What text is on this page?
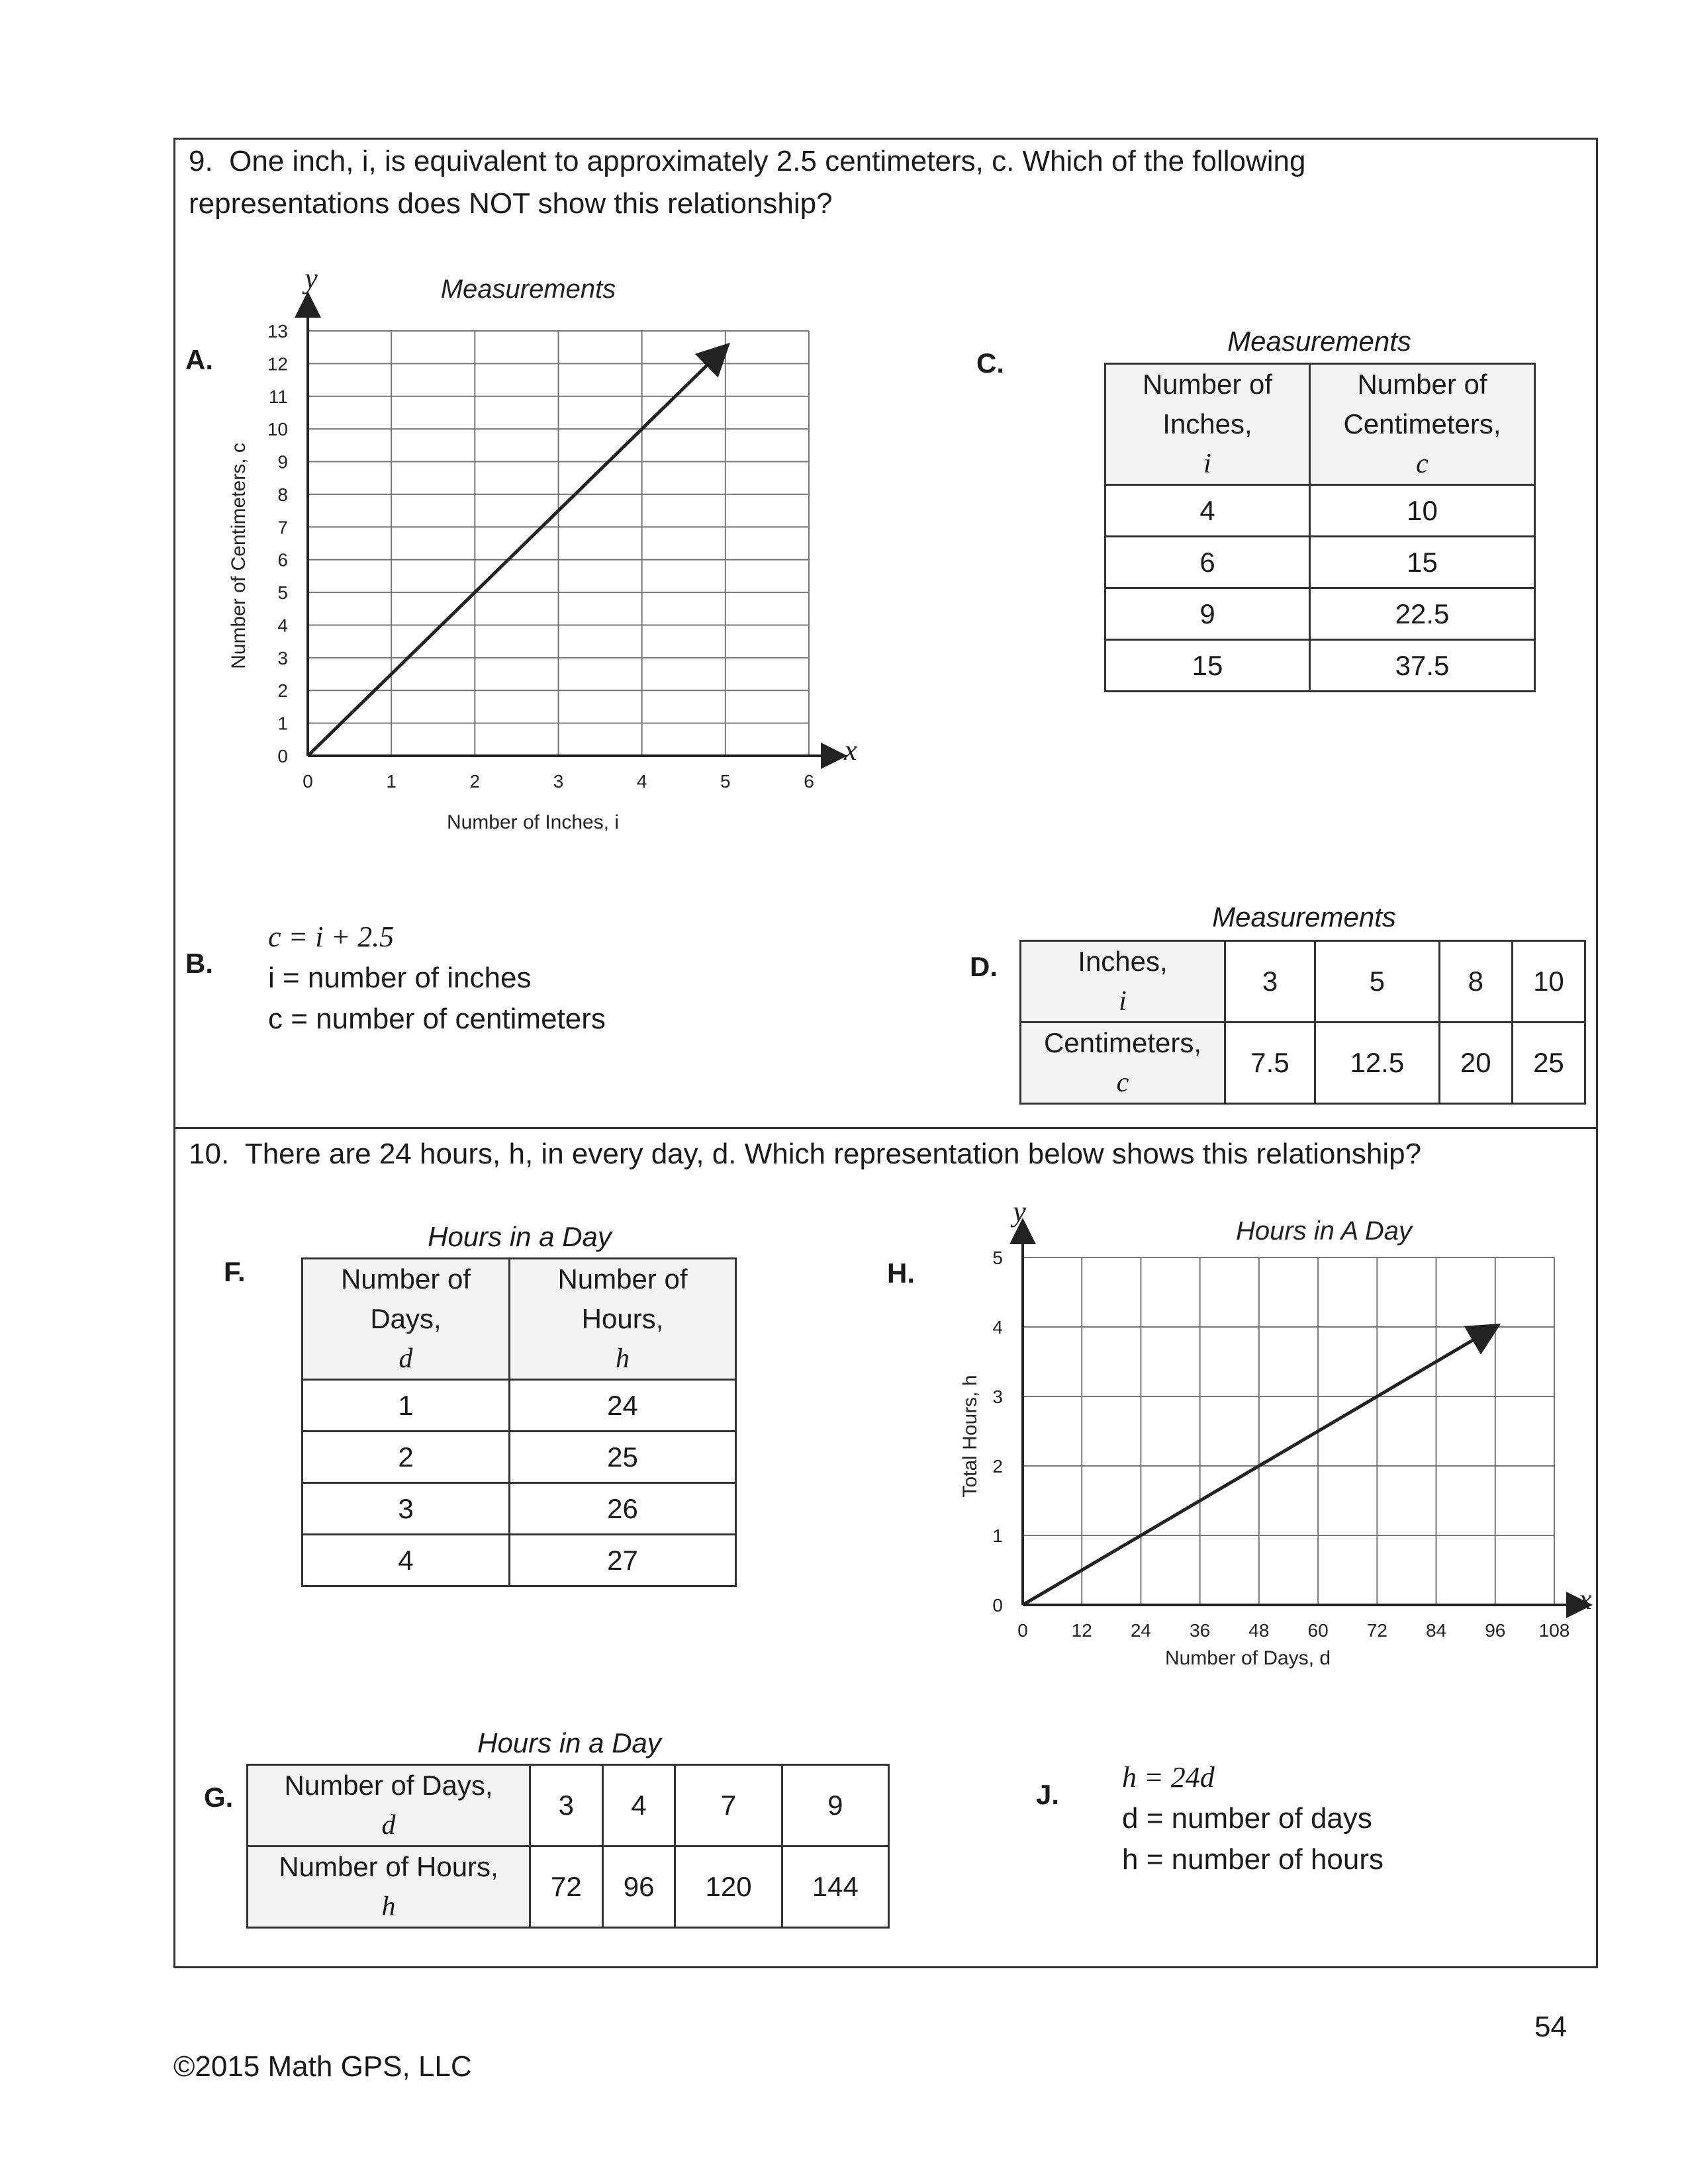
9. One inch, i, is equivalent to approximately 2.5 centimeters, c. Which of the following
representations does NOT show this relationship?
A.
Measurements
y
x
Number of Inches, i
Number of Centimeters, c
0	1	2	3	4	5	6
0
1
2
3
4
5
6
7
8
9
10
11
12
13
C.
Measurements
Number of
Inches,
i

Number of
Centimeters,
c

4	10
6	15
9	22.5
15	37.5
B.
c = i + 2.5
i = number of inches
c = number of centimeters
D.
Measurements
Inches,
i	3	5	8	10

Centimeters,
c	7.5	12.5	20	25
10. There are 24 hours, h, in every day, d. Which representation below shows this relationship?
F.
Hours in a Day
Number of
Days,
d

Number of
Hours,
h

1	24
2	25
3	26
4	27
H.
Hours in A Day
y
x
Number of Days, d
Total Hours, h
0 12 24 36 48 60 72 84 96 108
0
1
2
3
4
5
G.
Hours in a Day
Number of Days,
d	3	4	7	9

Number of Hours,
h	72	96	120	144
J.
h = 24d
d = number of days
h = number of hours
54
©2015 Math GPS, LLC
